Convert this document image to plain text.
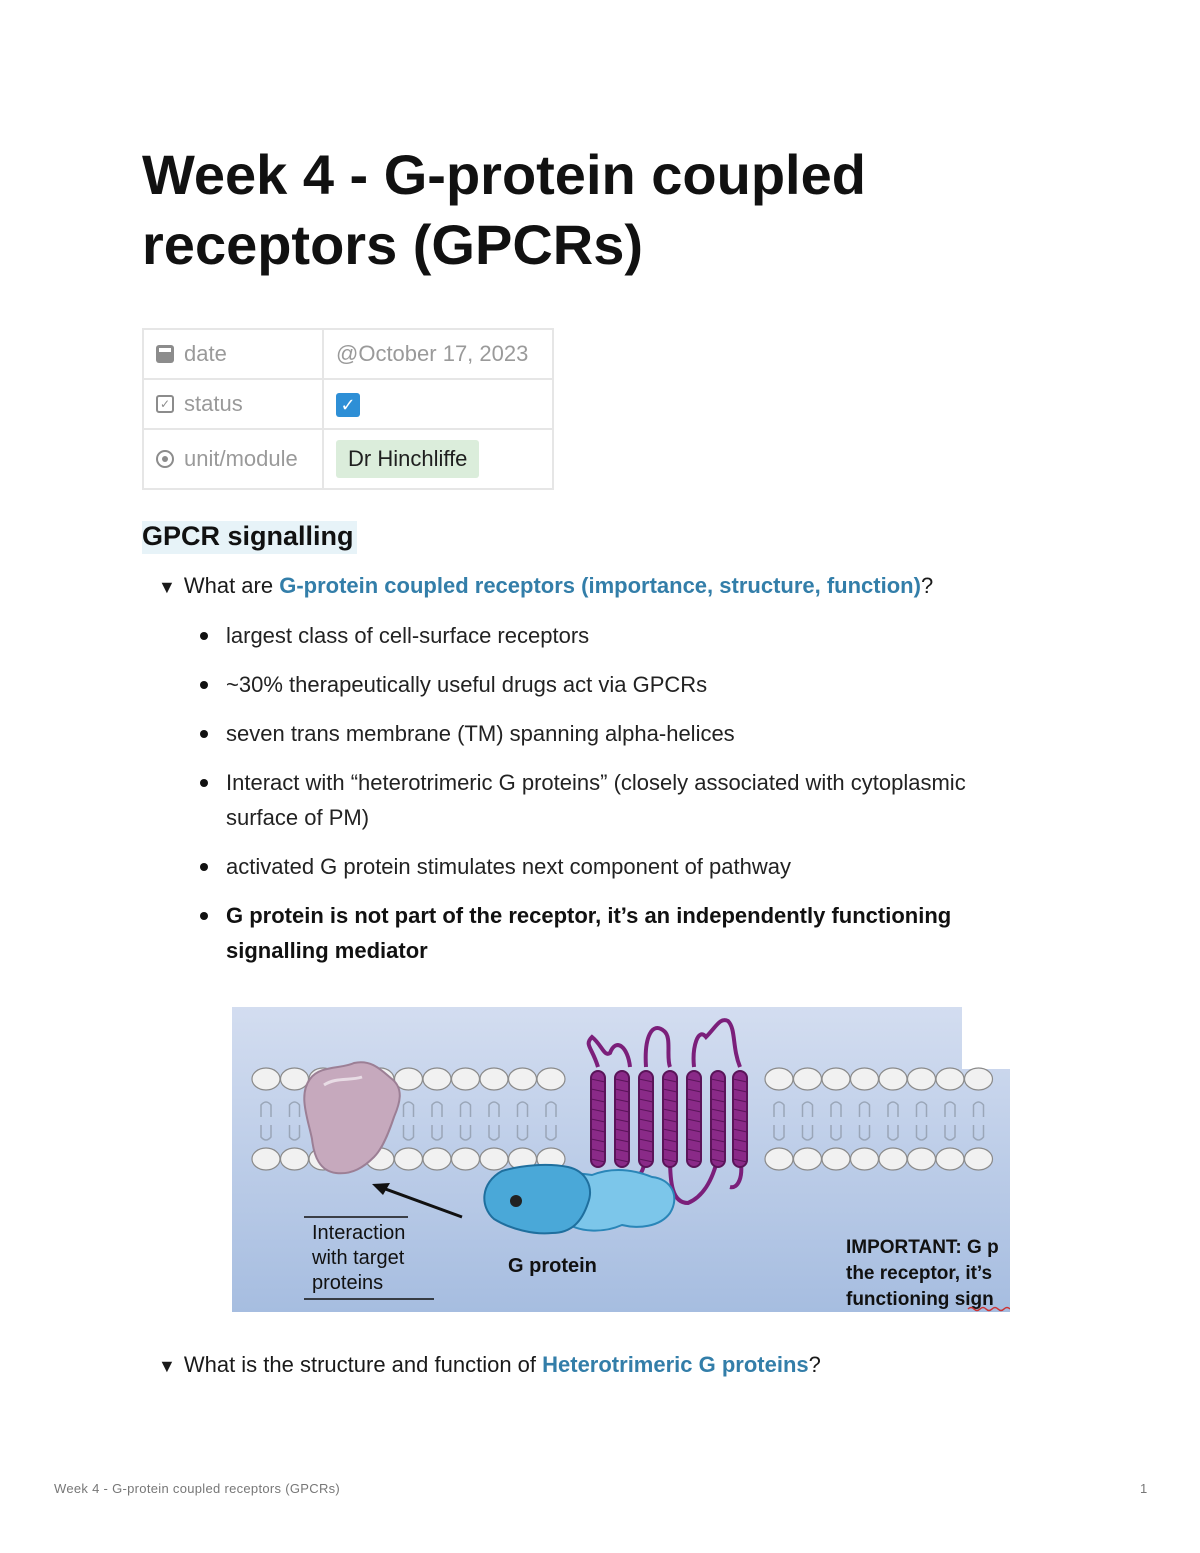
Week 4 - G-protein coupled receptors (GPCRs)
date	@October 17, 2023

✓ status	✓

unit/module	Dr Hinchliffe
GPCR signalling
▼ What are G-protein coupled receptors (importance, structure, function)?
largest class of cell-surface receptors
~30% therapeutically useful drugs act via GPCRs
seven trans membrane (TM) spanning alpha-helices
Interact with “heterotrimeric G proteins” (closely associated with cytoplasmic surface of PM)
activated G protein stimulates next component of pathway
G protein is not part of the receptor, it’s an independently functioning signalling mediator
Interaction
with target
proteins
G protein
IMPORTANT: G p
the receptor, it’s
functioning sign
▼ What is the structure and function of Heterotrimeric G proteins?
Week 4 - G-protein coupled receptors (GPCRs)	1
